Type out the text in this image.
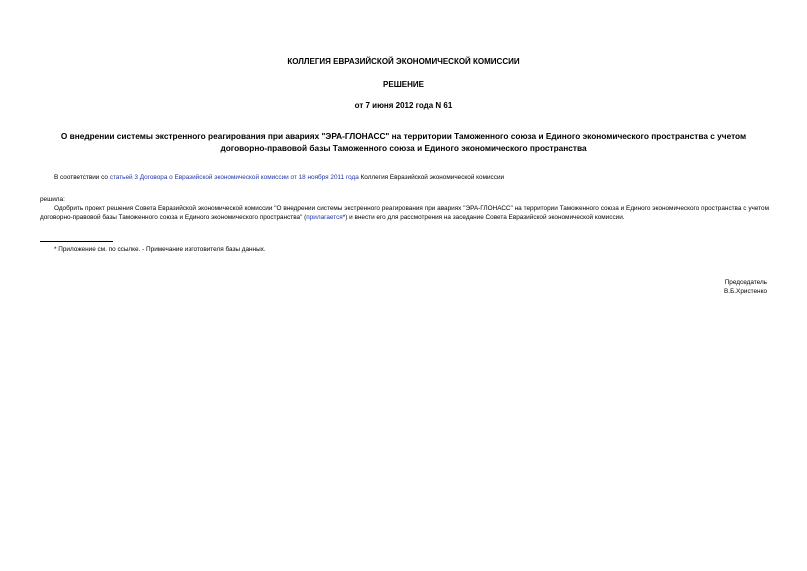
КОЛЛЕГИЯ ЕВРАЗИЙСКОЙ ЭКОНОМИЧЕСКОЙ КОМИССИИ
РЕШЕНИЕ
от 7 июня 2012 года N 61
О внедрении системы экстренного реагирования при авариях "ЭРА-ГЛОНАСС" на территории Таможенного союза и Единого экономического пространства с учетом договорно-правовой базы Таможенного союза и Единого экономического пространства
В соответствии со статьей 3 Договора о Евразийской экономической комиссии от 18 ноября 2011 года Коллегия Евразийской экономической комиссии
решила:
Одобрить проект решения Совета Евразийской экономической комиссии "О внедрении системы экстренного реагирования при авариях "ЭРА-ГЛОНАСС" на территории Таможенного союза и Единого экономического пространства с учетом договорно-правовой базы Таможенного союза и Единого экономического пространства" (прилагается*) и внести его для рассмотрения на заседание Совета Евразийской экономической комиссии.
* Приложение см. по ссылке. - Примечание изготовителя базы данных.
Председатель
В.Б.Христенко
